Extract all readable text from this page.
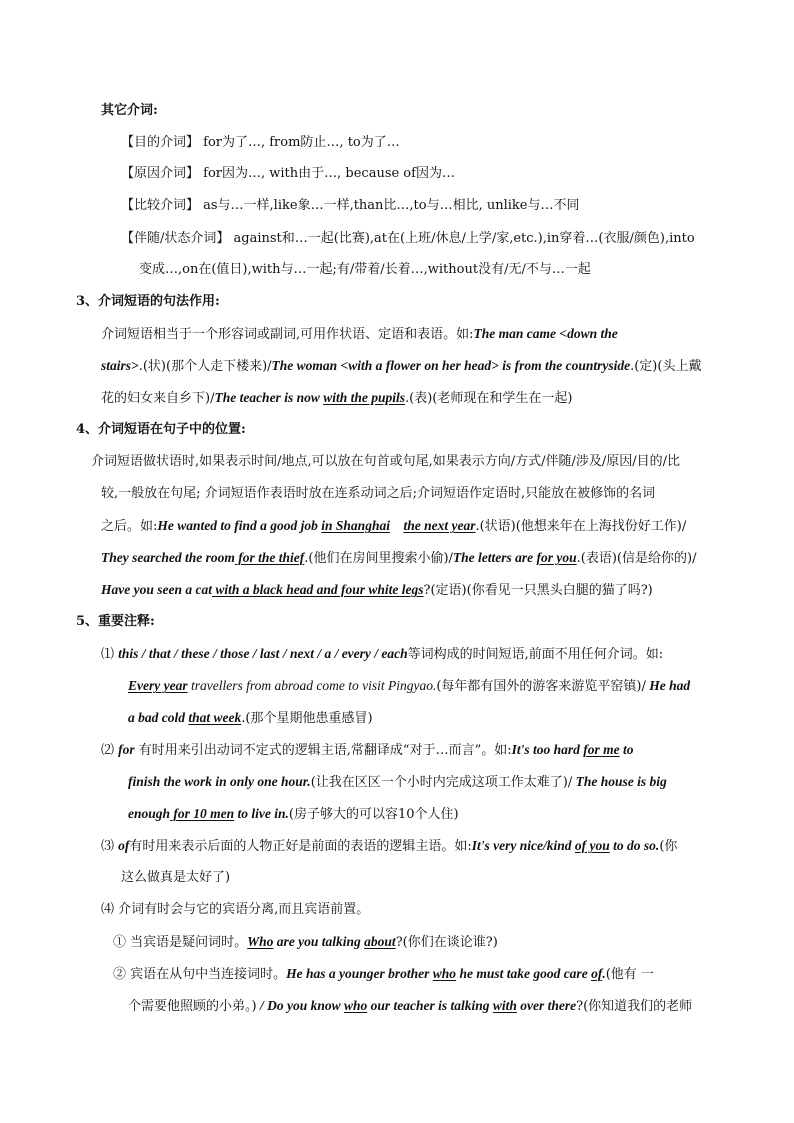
其它介词:
【目的介词】 for为了…, from防止…, to为了…
【原因介词】 for因为…, with由于…, because of因为…
【比较介词】 as与…一样,like象…一样,than比…,to与…相比, unlike与…不同
【伴随/状态介词】 against和…一起(比赛),at在(上班/休息/上学/家,etc.),in穿着…(衣服/颜色),into
变成…,on在(值日),with与…一起;有/带着/长着…,without没有/无/不与…一起
3、介词短语的句法作用:
介词短语相当于一个形容词或副词,可用作状语、定语和表语。如:The man came <down the
stairs>.(状)(那个人走下楼来)/The woman <with a flower on her head> is from the countryside.(定)(头上戴
花的妇女来自乡下)/The teacher is now with the pupils.(表)(老师现在和学生在一起)
4、介词短语在句子中的位置:
介词短语做状语时,如果表示时间/地点,可以放在句首或句尾,如果表示方向/方式/伴随/涉及/原因/目的/比
较,一般放在句尾; 介词短语作表语时放在连系动词之后;介词短语作定语时,只能放在被修饰的名词
之后。如:He wanted to find a good job in Shanghai the next year.(状语)(他想来年在上海找份好工作)/
They searched the room for the thief.(他们在房间里搜索小偷)/The letters are for you.(表语)(信是给你的)/
Have you seen a cat with a black head and four white legs?(定语)(你看见一只黑头白腿的猫了吗?)
5、重要注释:
⑴ this / that / these / those / last / next / a / every / each等词构成的时间短语,前面不用任何介词。如:
Every year travellers from abroad come to visit Pingyao.(每年都有国外的游客来游览平窑镇)/ He had
a bad cold that week.(那个星期他患重感冒)
⑵ for 有时用来引出动词不定式的逻辑主语,常翻译成“对于…而言”。如:It's too hard for me to
finish the work in only one hour.(让我在区区一个小时内完成这项工作太难了)/ The house is big
enough for 10 men to live in.(房子够大的可以容10个人住)
⑶ of有时用来表示后面的人物正好是前面的表语的逻辑主语。如:It's very nice/kind of you to do so.(你
这么做真是太好了)
⑷ 介词有时会与它的宾语分离,而且宾语前置。
① 当宾语是疑问词时。Who are you talking about?(你们在谈论谁?)
② 宾语在从句中当连接词时。He has a younger brother who he must take good care of.(他有 一
个需要他照顾的小弟。) / Do you know who our teacher is talking with over there?(你知道我们的老师
